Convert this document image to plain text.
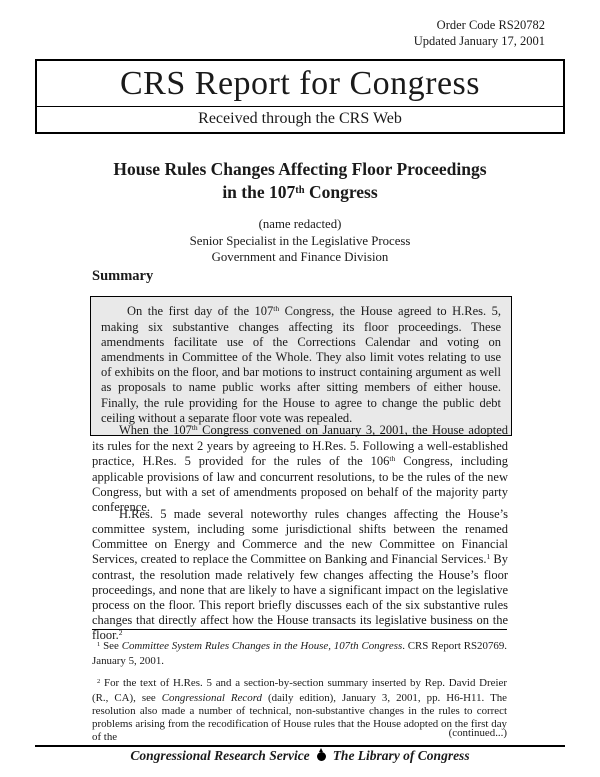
Order Code RS20782
Updated January 17, 2001
CRS Report for Congress
Received through the CRS Web
House Rules Changes Affecting Floor Proceedings
in the 107th Congress
(name redacted)
Senior Specialist in the Legislative Process
Government and Finance Division
Summary
On the first day of the 107th Congress, the House agreed to H.Res. 5, making six substantive changes affecting its floor proceedings. These amendments facilitate use of the Corrections Calendar and voting on amendments in Committee of the Whole. They also limit votes relating to use of exhibits on the floor, and bar motions to instruct containing argument as well as proposals to name public works after sitting members of either house. Finally, the rule providing for the House to agree to change the public debt ceiling without a separate floor vote was repealed.
When the 107th Congress convened on January 3, 2001, the House adopted its rules for the next 2 years by agreeing to H.Res. 5. Following a well-established practice, H.Res. 5 provided for the rules of the 106th Congress, including applicable provisions of law and concurrent resolutions, to be the rules of the new Congress, but with a set of amendments proposed on behalf of the majority party conference.
H.Res. 5 made several noteworthy rules changes affecting the House’s committee system, including some jurisdictional shifts between the renamed Committee on Energy and Commerce and the new Committee on Financial Services, created to replace the Committee on Banking and Financial Services.$^1$ By contrast, the resolution made relatively few changes affecting the House’s floor proceedings, and none that are likely to have a significant impact on the legislative process on the floor. This report briefly discusses each of the six substantive rules changes that directly affect how the House transacts its legislative business on the floor.$^2$
$^1$ See Committee System Rules Changes in the House, 107th Congress. CRS Report RS20769. January 5, 2001.
$^2$ For the text of H.Res. 5 and a section-by-section summary inserted by Rep. David Dreier (R., CA), see Congressional Record (daily edition), January 3, 2001, pp. H6-H11. The resolution also made a number of technical, non-substantive changes in the rules to correct problems arising from the recodification of House rules that the House adopted on the first day of the	(continued...)
Congressional Research Service The Library of Congress
